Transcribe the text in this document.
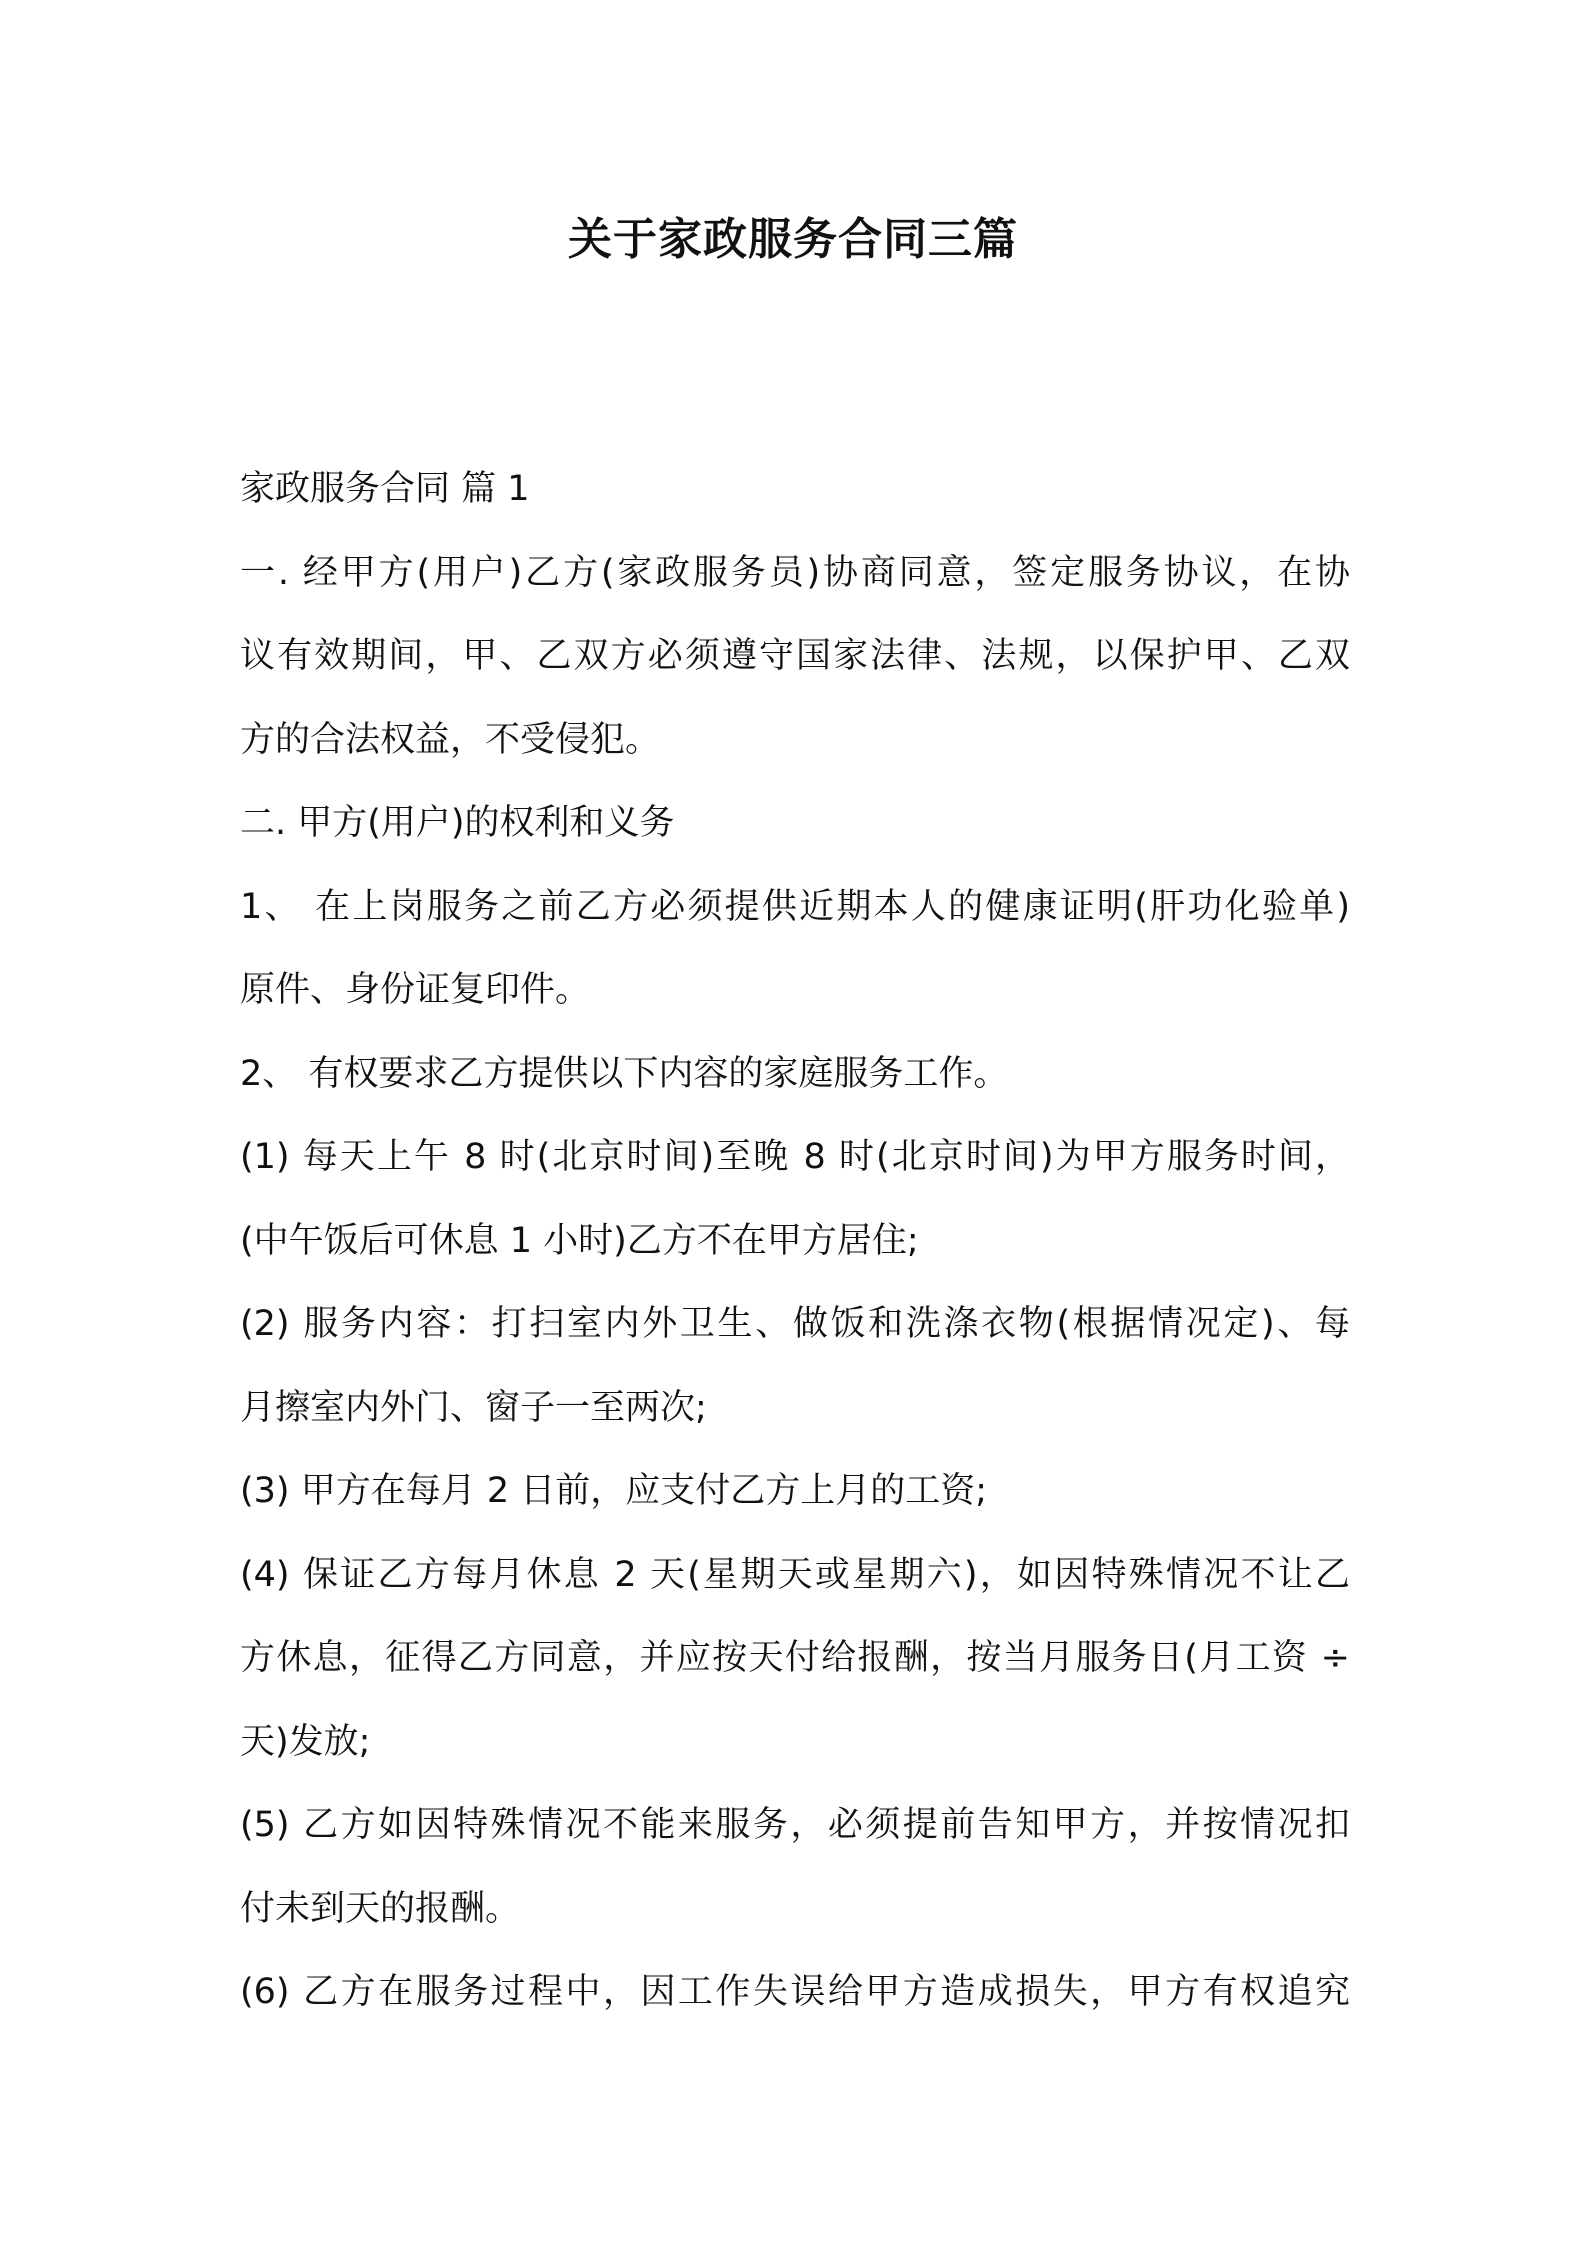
关于家政服务合同三篇
家政服务合同 篇 1
一. 经甲方(用户)乙方(家政服务员)协商同意，签定服务协议，在协
议有效期间，甲、乙双方必须遵守国家法律、法规，以保护甲、乙双
方的合法权益，不受侵犯。
二. 甲方(用户)的权利和义务
1、 在上岗服务之前乙方必须提供近期本人的健康证明(肝功化验单)
原件、身份证复印件。
2、 有权要求乙方提供以下内容的家庭服务工作。
(1) 每天上午 8 时(北京时间)至晚 8 时(北京时间)为甲方服务时间，
(中午饭后可休息 1 小时)乙方不在甲方居住;
(2) 服务内容：打扫室内外卫生、做饭和洗涤衣物(根据情况定)、每
月擦室内外门、窗子一至两次;
(3) 甲方在每月 2 日前，应支付乙方上月的工资;
(4) 保证乙方每月休息 2 天(星期天或星期六)，如因特殊情况不让乙
方休息，征得乙方同意，并应按天付给报酬，按当月服务日(月工资 ÷
天)发放;
(5) 乙方如因特殊情况不能来服务，必须提前告知甲方，并按情况扣
付未到天的报酬。
(6) 乙方在服务过程中，因工作失误给甲方造成损失，甲方有权追究
